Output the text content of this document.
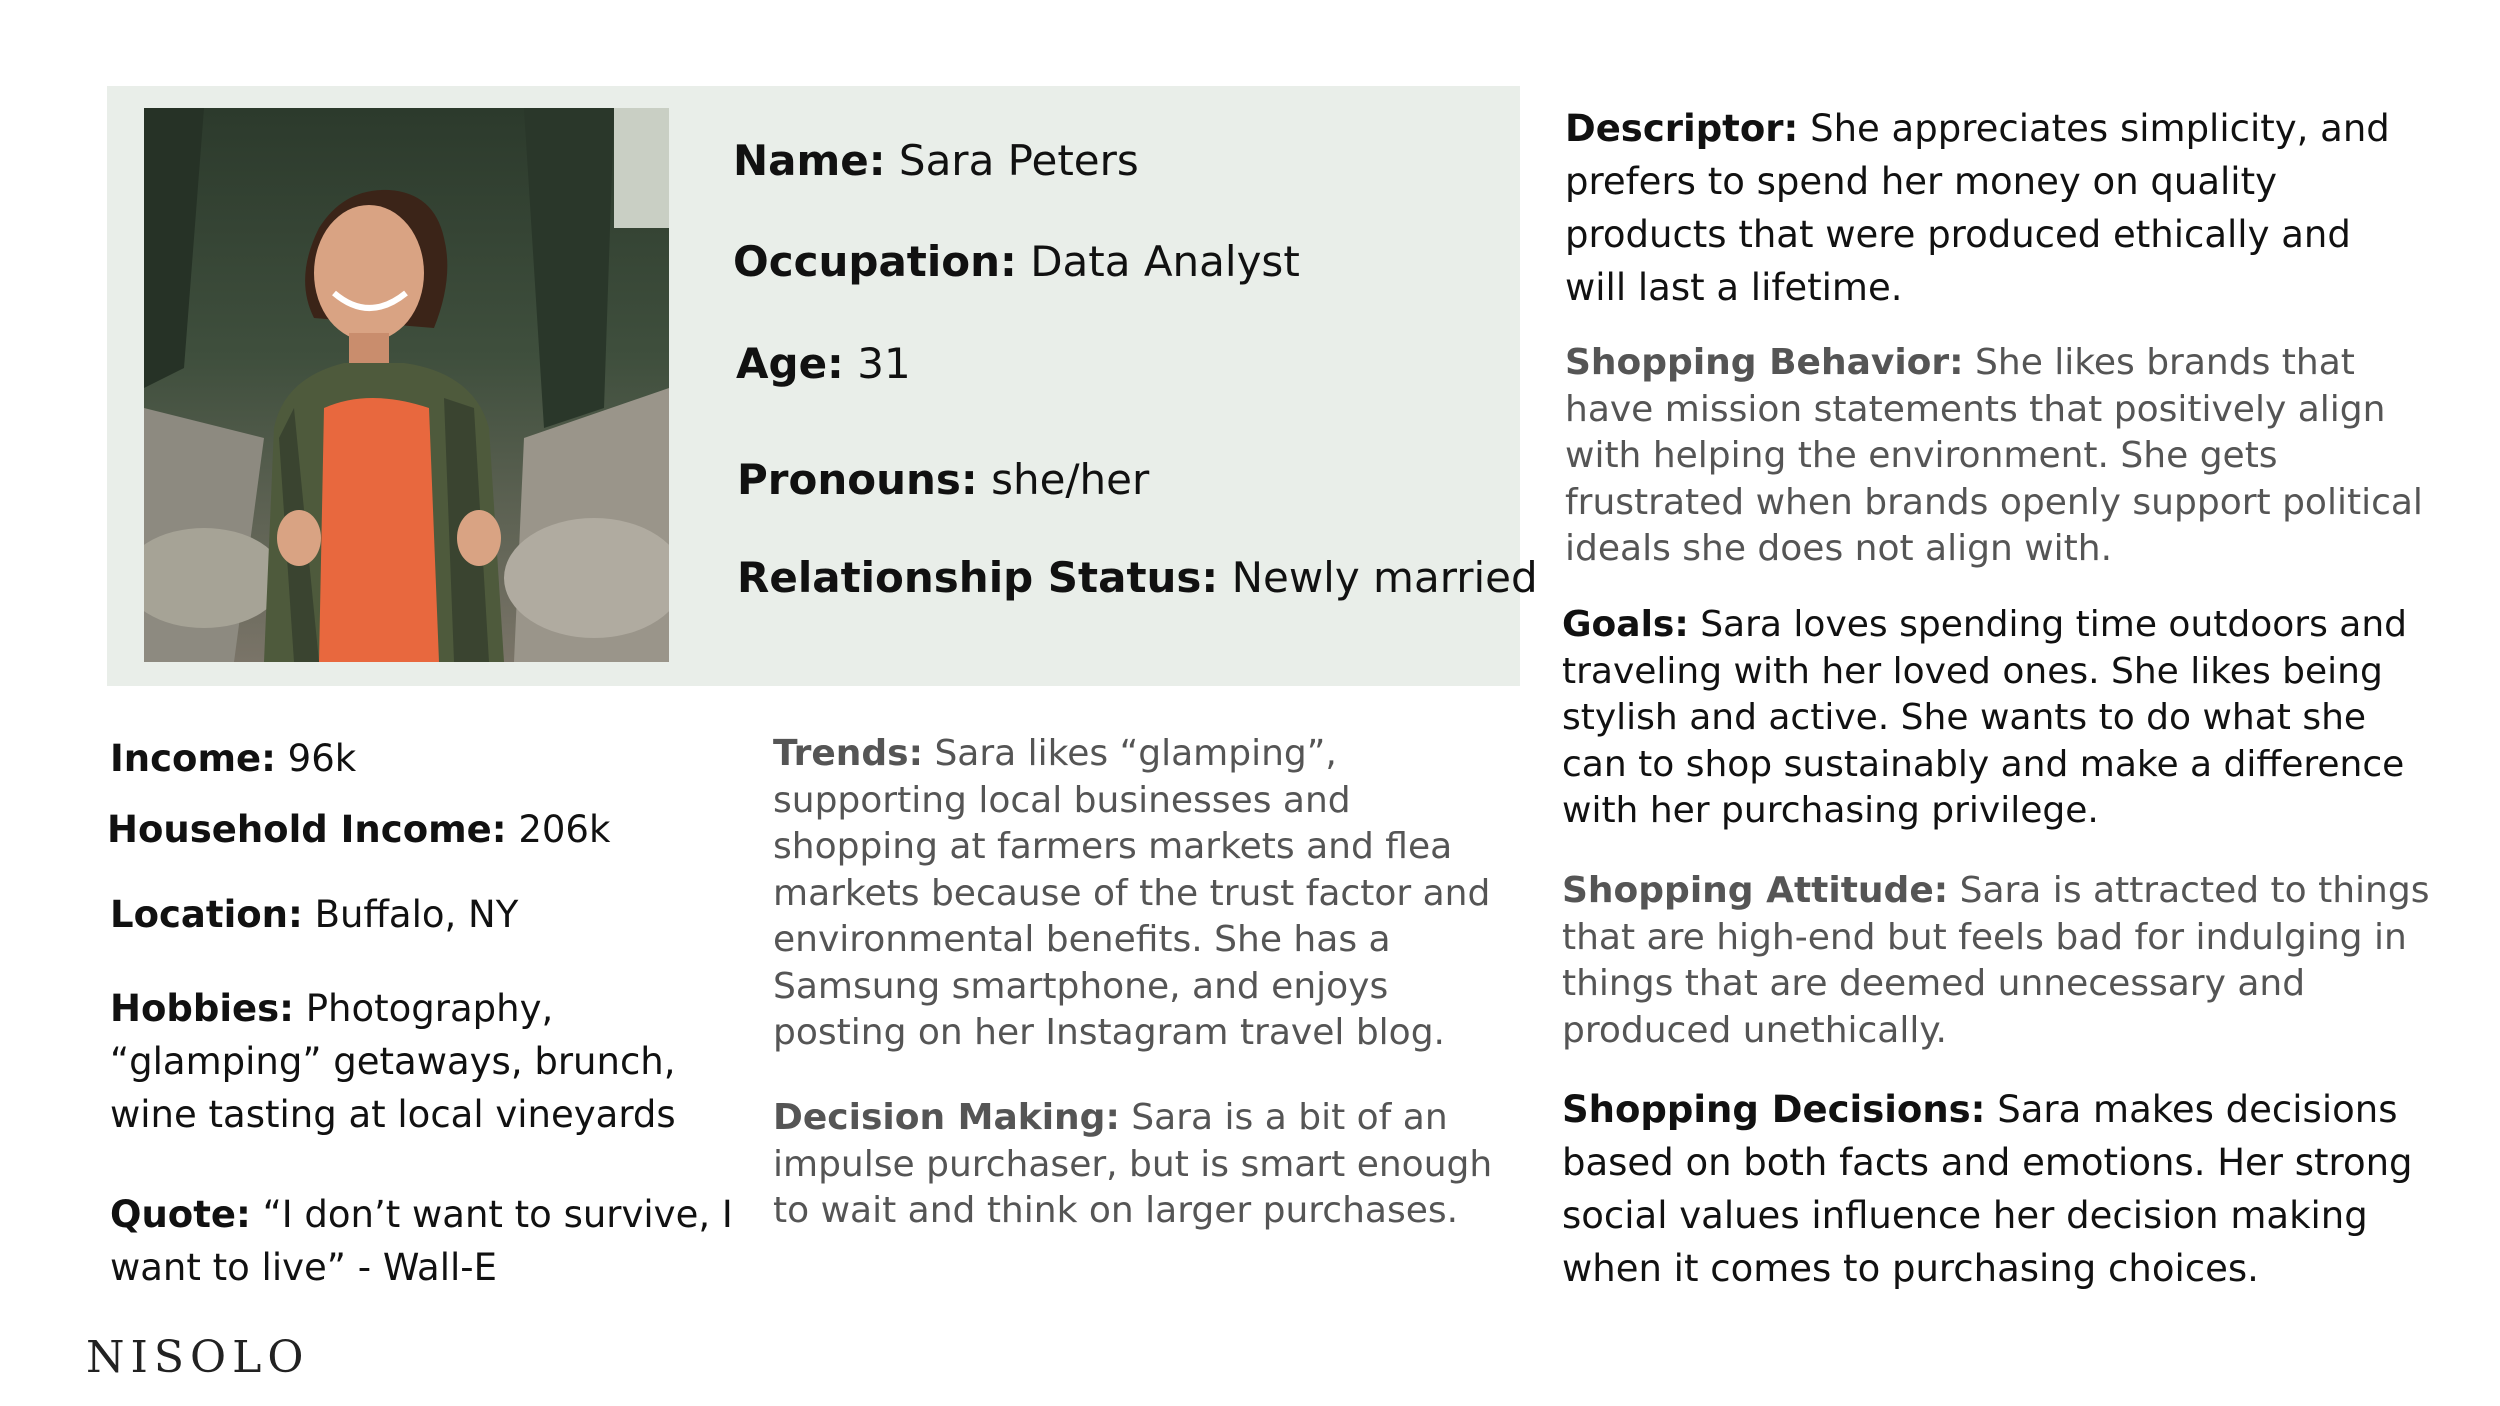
Name: Sara Peters
Occupation: Data Analyst
Age: 31
Pronouns: she/her
Relationship Status: Newly married
Income: 96k
Household Income: 206k
Location: Buffalo, NY

Hobbies: Photography, “glamping” getaways, brunch, wine tasting at local vineyards

Quote: “I don’t want to survive, I want to live” - Wall-E

Trends: Sara likes “glamping”, supporting local businesses and shopping at farmers markets and flea markets because of the trust factor and environmental benefits. She has a Samsung smartphone, and enjoys posting on her Instagram travel blog.

Decision Making: Sara is a bit of an impulse purchaser, but is smart enough to wait and think on larger purchases.

Descriptor: She appreciates simplicity, and prefers to spend her money on quality products that were produced ethically and will last a lifetime.

Shopping Behavior: She likes brands that have mission statements that positively align with helping the environment. She gets frustrated when brands openly support political ideals she does not align with.

Goals: Sara loves spending time outdoors and traveling with her loved ones. She likes being stylish and active. She wants to do what she can to shop sustainably and make a difference with her purchasing privilege.

Shopping Attitude: Sara is attracted to things that are high-end but feels bad for indulging in things that are deemed unnecessary and produced unethically.

Shopping Decisions: Sara makes decisions based on both facts and emotions. Her strong social values influence her decision making when it comes to purchasing choices.

NISOLO
